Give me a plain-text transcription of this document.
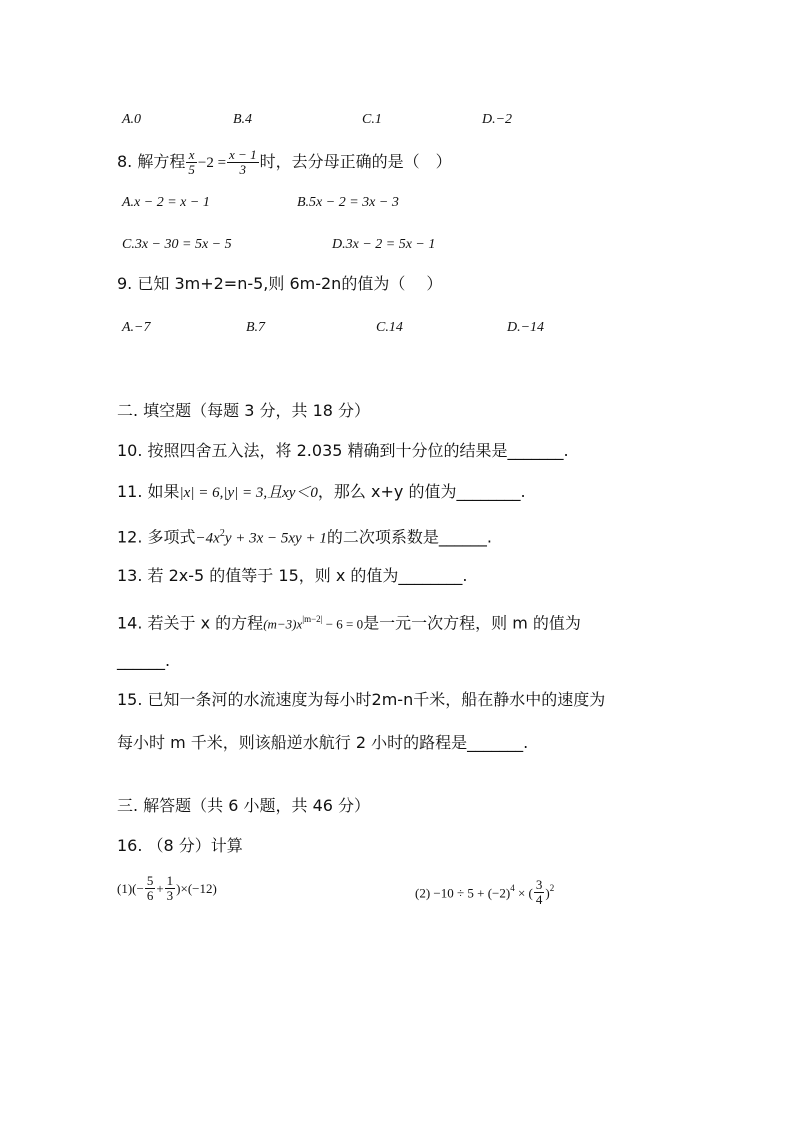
A.0	B.4	C.1	D.−2
8. 解方程 $\frac{x}{5} -2 = \frac{x - 1}{3}$ 时，去分母正确的是（　）
A.x − 2 = x − 1	B.5x − 2 = 3x − 3
C.3x − 30 = 5x − 5	D.3x − 2 = 5x − 1
9. 已知 3m+2=n-5,则 6m-2n的值为（　 ）
A.−7	B.7	C.14	D.−14
二. 填空题（每题 3 分，共 18 分）
10. 按照四舍五入法，将 2.035 精确到十分位的结果是_______.
11. 如果|x| = 6,|y| = 3,且xy＜0，那么 x+y 的值为________.
12. 多项式$-4x^2y + 3x - 5xy + 1$的二次项系数是______.
13. 若 2x-5 的值等于 15，则 x 的值为________.
14. 若关于 x 的方程$(m-3)x^{|m-2|} - 6 = 0$是一元一次方程，则 m 的值为
______.
15. 已知一条河的水流速度为每小时2m-n千米，船在静水中的速度为
每小时 m 千米，则该船逆水航行 2 小时的路程是_______.
三. 解答题（共 6 小题，共 46 分）
16. （8 分）计算
$(1)(- \frac{5}{6} + \frac{1}{3} )\times(-12)$	$(2) -10 \div 5 + (-2)^4$ × ( $\frac{3}{4} )^2$
